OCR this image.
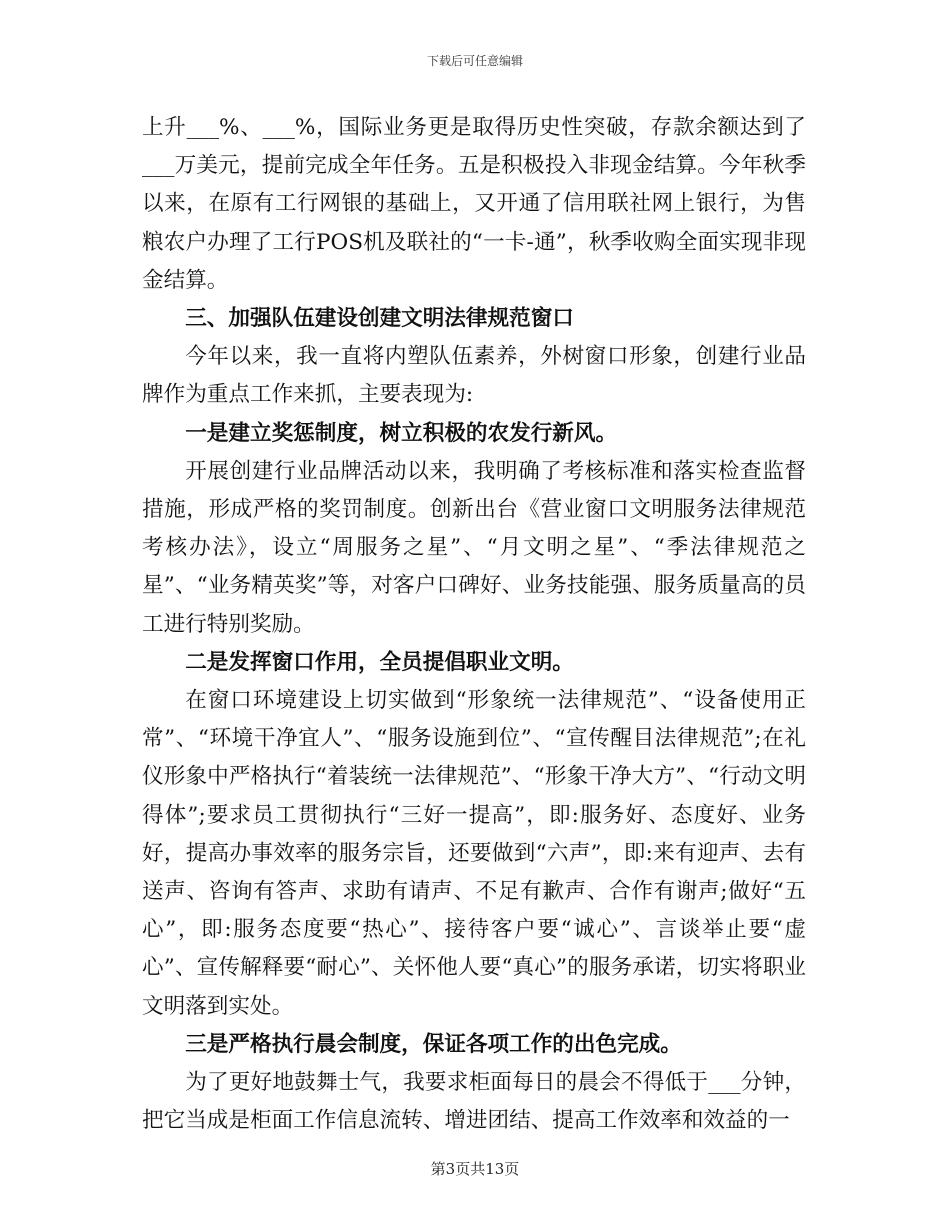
下载后可任意编辑

上升___%、___%，国际业务更是取得历史性突破，存款余额达到了___万美元，提前完成全年任务。五是积极投入非现金结算。今年秋季以来，在原有工行网银的基础上，又开通了信用联社网上银行，为售粮农户办理了工行POS机及联社的“一卡-通”，秋季收购全面实现非现金结算。

三、加强队伍建设创建文明法律规范窗口

今年以来，我一直将内塑队伍素养，外树窗口形象，创建行业品牌作为重点工作来抓，主要表现为:

一是建立奖惩制度，树立积极的农发行新风。

开展创建行业品牌活动以来，我明确了考核标准和落实检查监督措施，形成严格的奖罚制度。创新出台《营业窗口文明服务法律规范考核办法》，设立“周服务之星”、“月文明之星”、“季法律规范之星”、“业务精英奖”等，对客户口碑好、业务技能强、服务质量高的员工进行特别奖励。

二是发挥窗口作用，全员提倡职业文明。

在窗口环境建设上切实做到“形象统一法律规范”、“设备使用正常”、“环境干净宜人”、“服务设施到位”、“宣传醒目法律规范”;在礼仪形象中严格执行“着装统一法律规范”、“形象干净大方”、“行动文明得体”;要求员工贯彻执行“三好一提高”，即:服务好、态度好、业务好，提高办事效率的服务宗旨，还要做到“六声”，即:来有迎声、去有送声、咨询有答声、求助有请声、不足有歉声、合作有谢声;做好“五心”，即:服务态度要“热心”、接待客户要“诚心”、言谈举止要“虚心”、宣传解释要“耐心”、关怀他人要“真心”的服务承诺，切实将职业文明落到实处。

三是严格执行晨会制度，保证各项工作的出色完成。

为了更好地鼓舞士气，我要求柜面每日的晨会不得低于___分钟，把它当成是柜面工作信息流转、增进团结、提高工作效率和效益的一

第3页共13页
